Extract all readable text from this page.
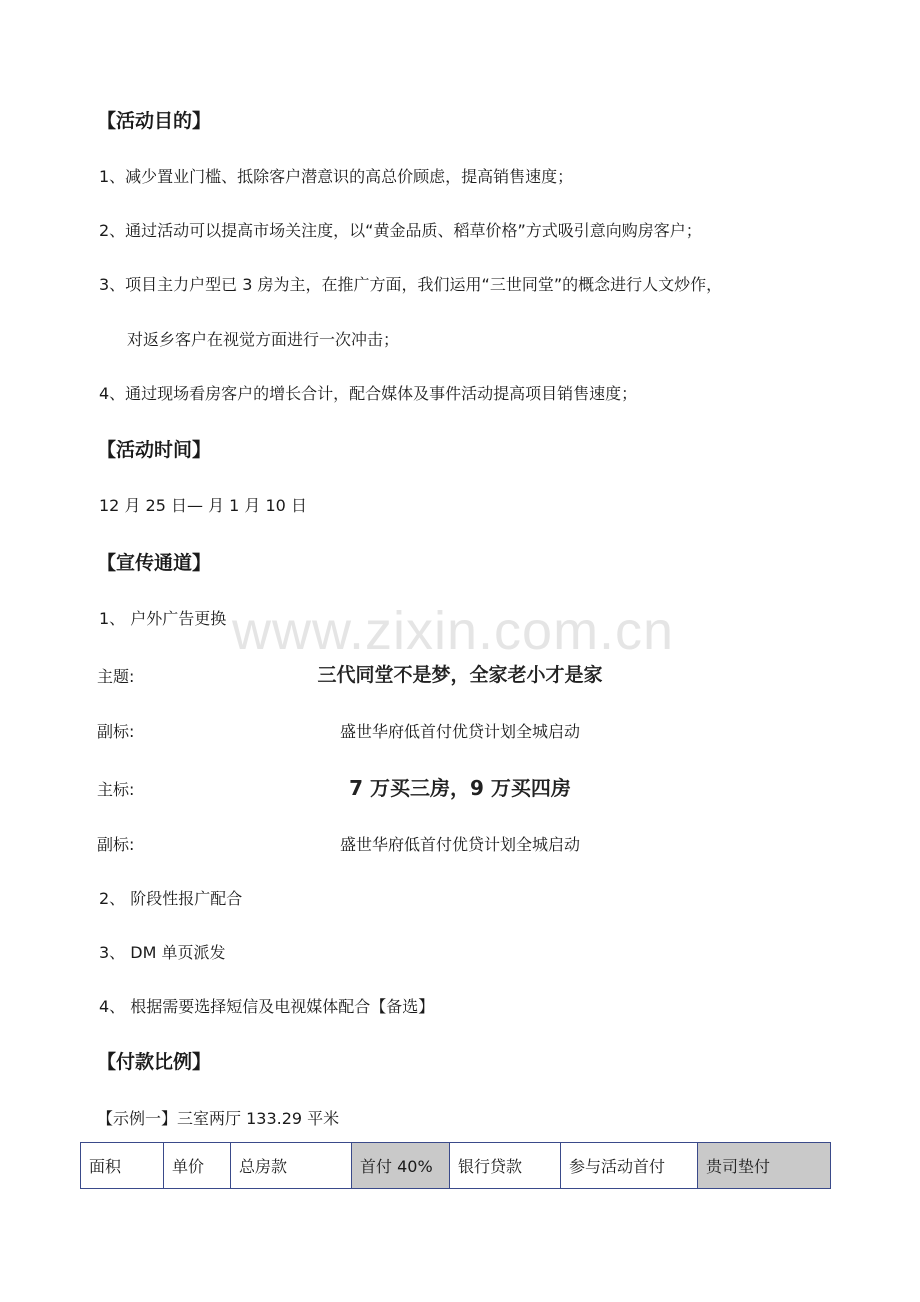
www.zixin.com.cn
【活动目的】
1、减少置业门槛、抵除客户潜意识的高总价顾虑，提高销售速度；
2、通过活动可以提高市场关注度，以“黄金品质、稻草价格”方式吸引意向购房客户；
3、项目主力户型已 3 房为主，在推广方面，我们运用“三世同堂”的概念进行人文炒作，
对返乡客户在视觉方面进行一次冲击；
4、通过现场看房客户的增长合计，配合媒体及事件活动提高项目销售速度；
【活动时间】
12 月 25 日— 月 1 月 10 日
【宣传通道】
1、 户外广告更换
主题:	三代同堂不是梦，全家老小才是家
副标:	盛世华府低首付优贷计划全城启动
主标:	7 万买三房，9 万买四房
副标:	盛世华府低首付优贷计划全城启动
2、 阶段性报广配合
3、 DM 单页派发
4、 根据需要选择短信及电视媒体配合【备选】
【付款比例】
【示例一】三室两厅 133.29 平米
面积	单价	总房款	首付 40%	银行贷款	参与活动首付	贵司垫付
